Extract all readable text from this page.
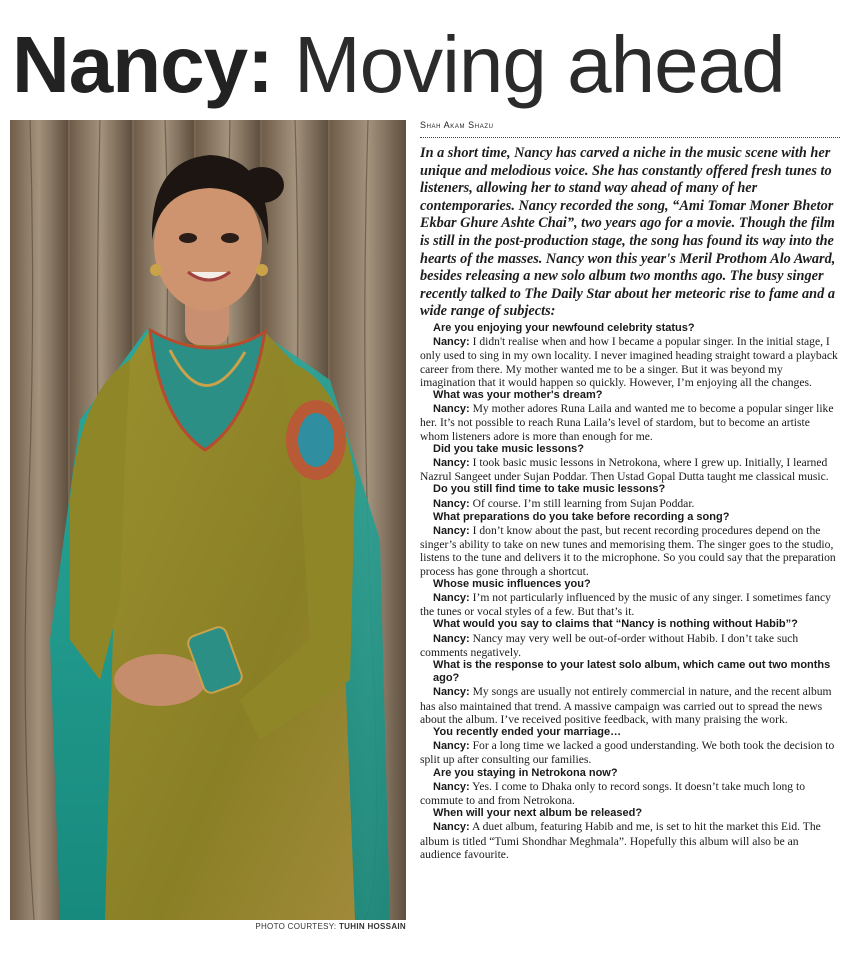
Nancy: Moving ahead
PHOTO COURTESY: TUHIN HOSSAIN
Shah Akam Shazu

In a short time, Nancy has carved a niche in the music scene with her unique and melodious voice. She has constantly offered fresh tunes to listeners, allowing her to stand way ahead of many of her contemporaries. Nancy recorded the song, “Ami Tomar Moner Bhetor Ekbar Ghure Ashte Chai”, two years ago for a movie. Though the film is still in the post-production stage, the song has found its way into the hearts of the masses. Nancy won this year's Meril Prothom Alo Award, besides releasing a new solo album two months ago. The busy singer recently talked to The Daily Star about her meteoric rise to fame and a wide range of subjects:

Are you enjoying your newfound celebrity status?

Nancy: I didn't realise when and how I became a popular singer. In the initial stage, I only used to sing in my own locality. I never imagined heading straight toward a playback career from there. My mother wanted me to be a singer. But it was beyond my imagination that it would happen so quickly. However, I’m enjoying all the changes.

What was your mother's dream?

Nancy: My mother adores Runa Laila and wanted me to become a popular singer like her. It’s not possible to reach Runa Laila’s level of stardom, but to become an artiste whom listeners adore is more than enough for me.

Did you take music lessons?

Nancy: I took basic music lessons in Netrokona, where I grew up. Initially, I learned Nazrul Sangeet under Sujan Poddar. Then Ustad Gopal Dutta taught me classical music.

Do you still find time to take music lessons?

Nancy: Of course. I’m still learning from Sujan Poddar.

What preparations do you take before recording a song?

Nancy: I don’t know about the past, but recent recording procedures depend on the singer’s ability to take on new tunes and memorising them. The singer goes to the studio, listens to the tune and delivers it to the microphone. So you could say that the preparation process has gone through a shortcut.

Whose music influences you?

Nancy: I’m not particularly influenced by the music of any singer. I sometimes fancy the tunes or vocal styles of a few. But that’s it.

What would you say to claims that “Nancy is nothing without Habib”?

Nancy: Nancy may very well be out-of-order without Habib. I don’t take such comments negatively.

What is the response to your latest solo album, which came out two months ago?

Nancy: My songs are usually not entirely commercial in nature, and the recent album has also maintained that trend. A massive campaign was carried out to spread the news about the album. I’ve received positive feedback, with many praising the work.

You recently ended your marriage…

Nancy: For a long time we lacked a good understanding. We both took the decision to split up after consulting our families.

Are you staying in Netrokona now?

Nancy: Yes. I come to Dhaka only to record songs. It doesn’t take much long to commute to and from Netrokona.

When will your next album be released?

Nancy: A duet album, featuring Habib and me, is set to hit the market this Eid. The album is titled “Tumi Shondhar Meghmala”. Hopefully this album will also be an audience favourite.
